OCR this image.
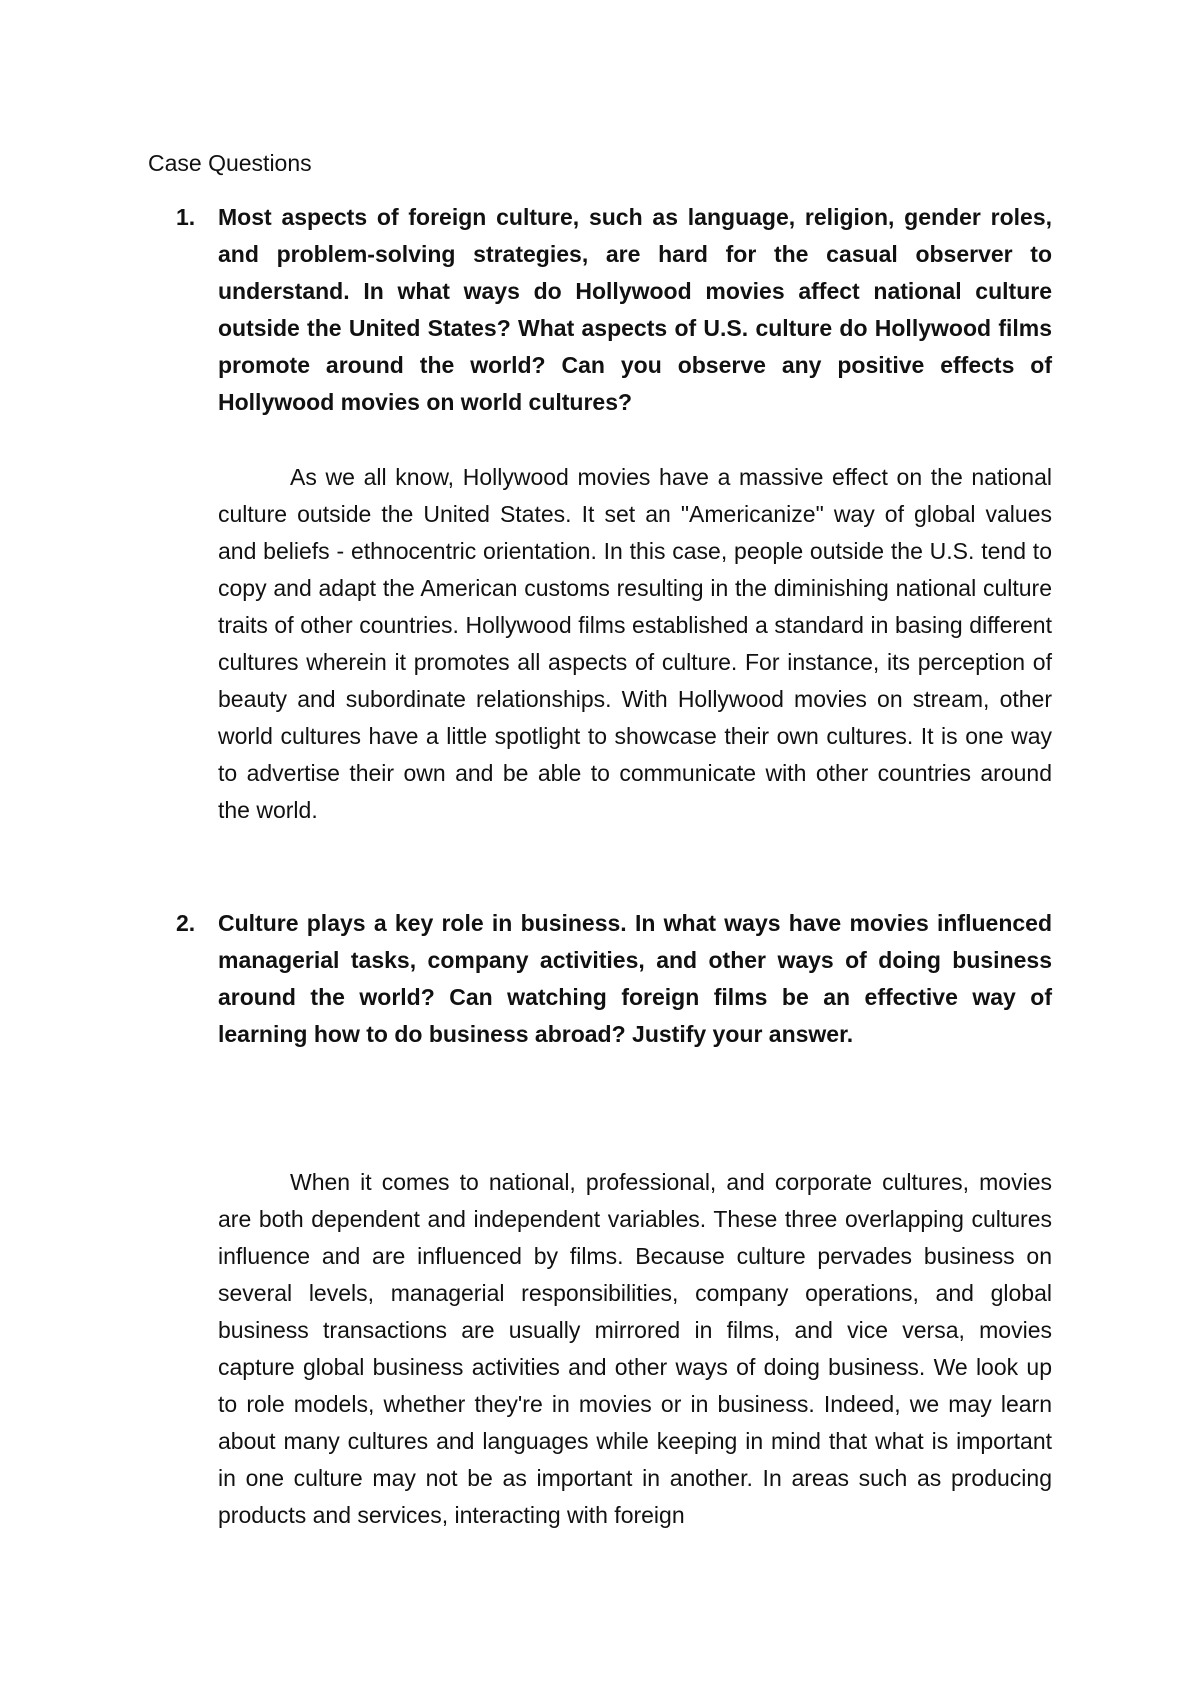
Case Questions
1. Most aspects of foreign culture, such as language, religion, gender roles, and problem-solving strategies, are hard for the casual observer to understand. In what ways do Hollywood movies affect national culture outside the United States? What aspects of U.S. culture do Hollywood films promote around the world? Can you observe any positive effects of Hollywood movies on world cultures?

As we all know, Hollywood movies have a massive effect on the national culture outside the United States. It set an "Americanize" way of global values and beliefs - ethnocentric orientation. In this case, people outside the U.S. tend to copy and adapt the American customs resulting in the diminishing national culture traits of other countries. Hollywood films established a standard in basing different cultures wherein it promotes all aspects of culture. For instance, its perception of beauty and subordinate relationships. With Hollywood movies on stream, other world cultures have a little spotlight to showcase their own cultures. It is one way to advertise their own and be able to communicate with other countries around the world.

2. Culture plays a key role in business. In what ways have movies influenced managerial tasks, company activities, and other ways of doing business around the world? Can watching foreign films be an effective way of learning how to do business abroad? Justify your answer.

When it comes to national, professional, and corporate cultures, movies are both dependent and independent variables. These three overlapping cultures influence and are influenced by films. Because culture pervades business on several levels, managerial responsibilities, company operations, and global business transactions are usually mirrored in films, and vice versa, movies capture global business activities and other ways of doing business. We look up to role models, whether they're in movies or in business. Indeed, we may learn about many cultures and languages while keeping in mind that what is important in one culture may not be as important in another. In areas such as producing products and services, interacting with foreign
